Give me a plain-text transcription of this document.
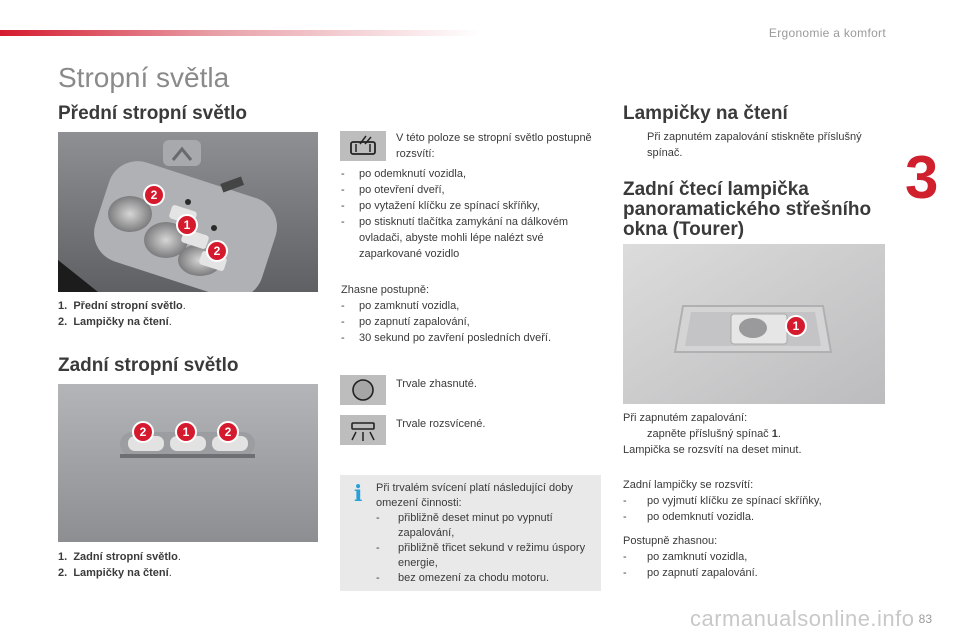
Ergonomie a komfort
3
Stropní světla
Přední stropní světlo
2
1
2
1. Přední stropní světlo.
2. Lampičky na čtení.
Zadní stropní světlo
2	1	2
1. Zadní stropní světlo.
2. Lampičky na čtení.
V této poloze se stropní světlo postupně rozsvítí:
-	po odemknutí vozidla,
-	po otevření dveří,
-	po vytažení klíčku ze spínací skříňky,
-	po stisknutí tlačítka zamykání na dálkovém ovladači, abyste mohli lépe nalézt své zaparkované vozidlo
Zhasne postupně:
-	po zamknutí vozidla,
-	po zapnutí zapalování,
-	30 sekund po zavření posledních dveří.
Trvale zhasnuté.
Trvale rozsvícené.
i Při trvalém svícení platí následující doby omezení činnosti:
-	přibližně deset minut po vypnutí zapalování,
-	přibližně třicet sekund v režimu úspory energie,
-	bez omezení za chodu motoru.
Lampičky na čtení
Při zapnutém zapalování stiskněte příslušný spínač.
Zadní čtecí lampička
panoramatického střešního
okna (Tourer)
1
Při zapnutém zapalování:
zapněte příslušný spínač 1.
Lampička se rozsvítí na deset minut.
Zadní lampičky se rozsvítí:
-	po vyjmutí klíčku ze spínací skříňky,
-	po odemknutí vozidla.
Postupně zhasnou:
-	po zamknutí vozidla,
-	po zapnutí zapalování.
carmanualsonline.info 83
